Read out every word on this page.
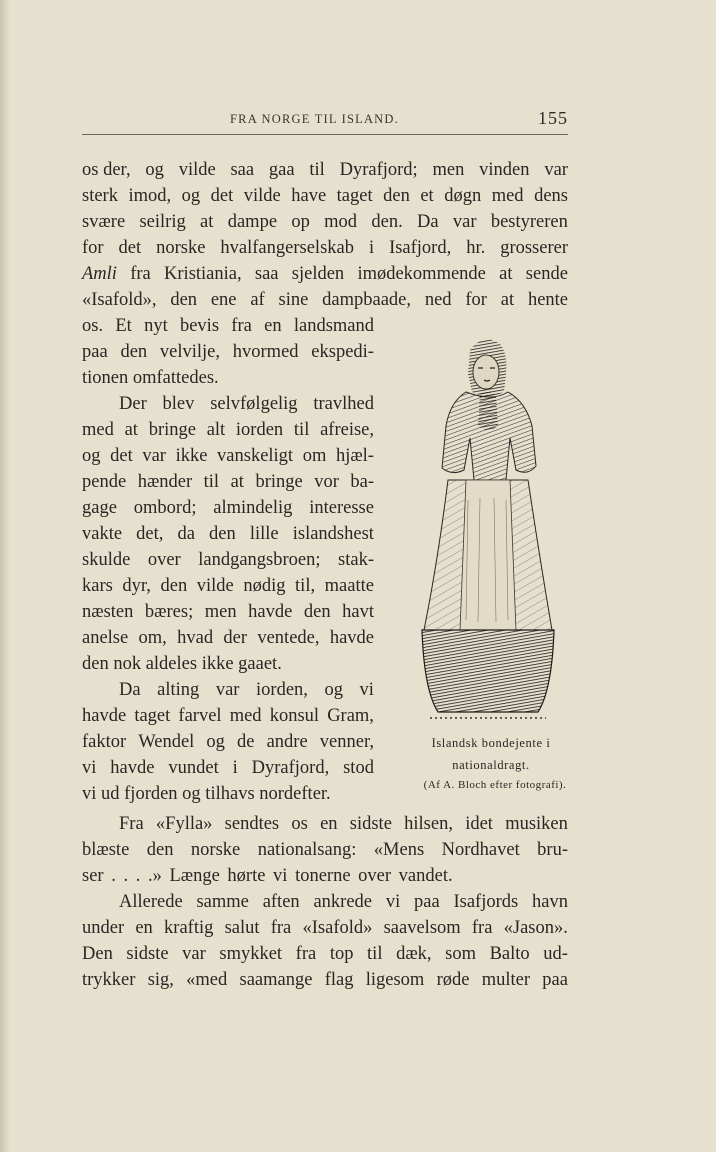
FRA NORGE TIL ISLAND.	155
os der, og vilde saa gaa til Dyrafjord; men vinden var
sterk imod, og det vilde have taget den et døgn med dens
svære seilrig at dampe op mod den. Da var bestyreren
for det norske hvalfangerselskab i Isafjord, hr. grosserer
Amli fra Kristiania, saa sjelden imødekommende at sende
«Isafold», den ene af sine dampbaade, ned for at hente
os. Et nyt bevis fra en landsmand
paa den velvilje, hvormed ekspedi-
tionen omfattedes.
Der blev selvfølgelig travlhed
med at bringe alt iorden til afreise,
og det var ikke vanskeligt om hjæl-
pende hænder til at bringe vor ba-
gage ombord; almindelig interesse
vakte det, da den lille islandshest
skulde over landgangsbroen; stak-
kars dyr, den vilde nødig til, maatte
næsten bæres; men havde den havt
anelse om, hvad der ventede, havde
den nok aldeles ikke gaaet.
Da alting var iorden, og vi
havde taget farvel med konsul Gram,
faktor Wendel og de andre venner,
vi havde vundet i Dyrafjord, stod
vi ud fjorden og tilhavs nordefter.
Fra «Fylla» sendtes os en sidste hilsen, idet musiken
blæste den norske nationalsang: «Mens Nordhavet bru-
ser . . . .» Længe hørte vi tonerne over vandet.
Allerede samme aften ankrede vi paa Isafjords havn
under en kraftig salut fra «Isafold» saavelsom fra «Jason».
Den sidste var smykket fra top til dæk, som Balto ud-
trykker sig, «med saamange flag ligesom røde multer paa
Islandsk bondejente i
nationaldragt.
(Af A. Bloch efter fotografi).
